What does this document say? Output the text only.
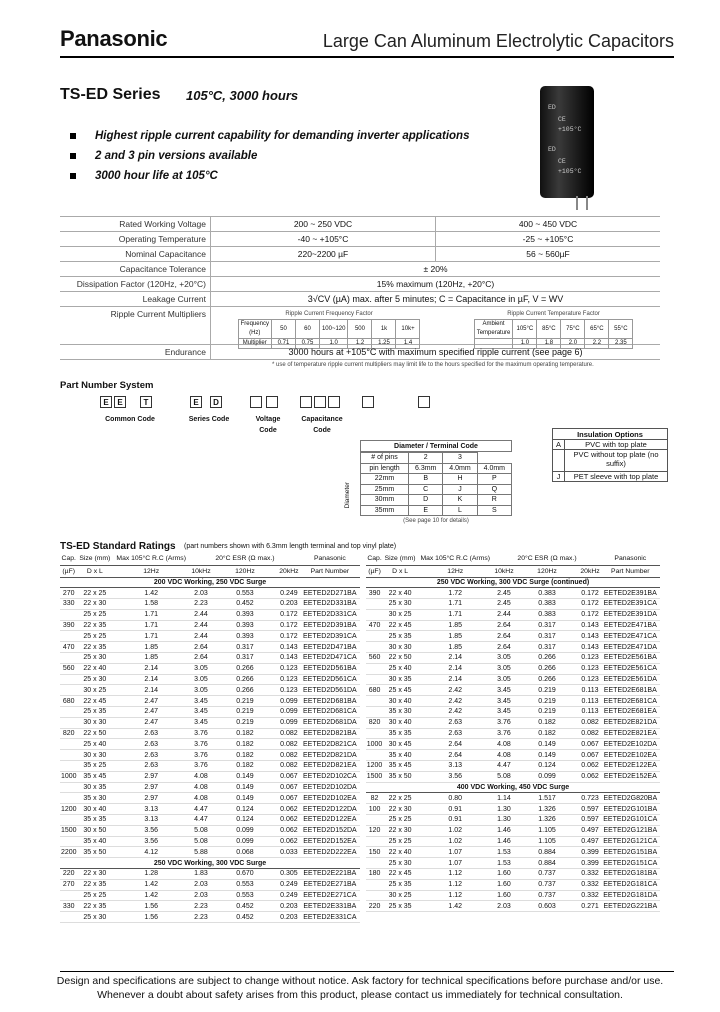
Panasonic	Large Can Aluminum Electrolytic Capacitors
TS-ED Series 105°C, 3000 hours
Highest ripple current capability for demanding inverter applications
2 and 3 pin versions available
3000 hour life at 105°C
ED
CE
+105°C
ED
CE
+105°C
Rated Working Voltage	200 ~ 250 VDC	400 ~ 450 VDC
Operating Temperature	-40 ~ +105°C	-25 ~ +105°C
Nominal Capacitance	220~2200 µF	56 ~ 560µF
Capacitance Tolerance	± 20%
Dissipation Factor (120Hz, +20°C)	15% maximum (120Hz, +20°C)
Leakage Current	3√CV (µA) max. after 5 minutes; C = Capacitance in µF, V = WV
Ripple Current Multipliers	Ripple Current Frequency Factor
Frequency (Hz)	50	60	100~120	500	1k	10k+
Multiplier	0.71	0.75	1.0	1.2	1.25	1.4
Ripple Current Temperature Factor
Ambient Temperature	105°C	85°C	75°C	65°C	55°C
	1.0	1.8	2.0	2.2	2.35
Endurance	3000 hours at +105°C with maximum specified ripple current (see page 6)
* use of temperature ripple current multipliers may limit life to the hours specified for the maximum operating temperature.
Part Number System
E	E	T	E	D
Common Code	Series Code	Voltage Code
Capacitance Code	Insulation Options
A	PVC with top plate
PVC without top plate (no suffix)
J	PET sleeve with top plate
Diameter / Terminal Code
# of pins	2	3	
pin length	6.3mm	4.0mm	4.0mm
22mm	B	H	P
25mm	C	J	Q
30mm	D	K	R
35mm	E	L	S
(See page 10 for details)
Diameter
TS-ED Standard Ratings (part numbers shown with 6.3mm length terminal and top vinyl plate)
Cap.	Size (mm)	Max 105°C R.C (Arms)		20°C ESR (Ω max.)		Panasonic
(µF)	D x L	12Hz	10kHz	120Hz	20kHz	Part Number
200 VDC Working, 250 VDC Surge						
270	22 x 25	1.42	2.03	0.553	0.249	EETED2D271BA
330	22 x 30	1.58	2.23	0.452	0.203	EETED2D331BA
	25 x 25	1.71	2.44	0.393	0.172	EETED2D331CA
390	22 x 35	1.71	2.44	0.393	0.172	EETED2D391BA
	25 x 25	1.71	2.44	0.393	0.172	EETED2D391CA
470	22 x 35	1.85	2.64	0.317	0.143	EETED2D471BA
	25 x 30	1.85	2.64	0.317	0.143	EETED2D471CA
560	22 x 40	2.14	3.05	0.266	0.123	EETED2D561BA
	25 x 30	2.14	3.05	0.266	0.123	EETED2D561CA
	30 x 25	2.14	3.05	0.266	0.123	EETED2D561DA
680	22 x 45	2.47	3.45	0.219	0.099	EETED2D681BA
	25 x 35	2.47	3.45	0.219	0.099	EETED2D681CA
	30 x 30	2.47	3.45	0.219	0.099	EETED2D681DA
820	22 x 50	2.63	3.76	0.182	0.082	EETED2D821BA
	25 x 40	2.63	3.76	0.182	0.082	EETED2D821CA
	30 x 30	2.63	3.76	0.182	0.082	EETED2D821DA
	35 x 25	2.63	3.76	0.182	0.082	EETED2D821EA
1000	35 x 45	2.97	4.08	0.149	0.067	EETED2D102CA
	30 x 35	2.97	4.08	0.149	0.067	EETED2D102DA
	35 x 30	2.97	4.08	0.149	0.067	EETED2D102EA
1200	30 x 40	3.13	4.47	0.124	0.062	EETED2D122DA
	35 x 35	3.13	4.47	0.124	0.062	EETED2D122EA
1500	30 x 50	3.56	5.08	0.099	0.062	EETED2D152DA
	35 x 40	3.56	5.08	0.099	0.062	EETED2D152EA
2200	35 x 50	4.12	5.88	0.068	0.033	EETED2D222EA
250 VDC Working, 300 VDC Surge						
220	22 x 30	1.28	1.83	0.670	0.305	EETED2E221BA
270	22 x 35	1.42	2.03	0.553	0.249	EETED2E271BA
	25 x 25	1.42	2.03	0.553	0.249	EETED2E271CA
330	22 x 35	1.56	2.23	0.452	0.203	EETED2E331BA
	25 x 30	1.56	2.23	0.452	0.203	EETED2E331CA
Cap.	Size (mm)	Max 105°C R.C (Arms)		20°C ESR (Ω max.)		Panasonic
(µF)	D x L	12Hz	10kHz	120Hz	20kHz	Part Number
250 VDC Working, 300 VDC Surge (continued)						
390	22 x 40	1.72	2.45	0.383	0.172	EETED2E391BA
	25 x 30	1.71	2.45	0.383	0.172	EETED2E391CA
	30 x 25	1.71	2.44	0.383	0.172	EETED2E391DA
470	22 x 45	1.85	2.64	0.317	0.143	EETED2E471BA
	25 x 35	1.85	2.64	0.317	0.143	EETED2E471CA
	30 x 30	1.85	2.64	0.317	0.143	EETED2E471DA
560	22 x 50	2.14	3.05	0.266	0.123	EETED2E561BA
	25 x 40	2.14	3.05	0.266	0.123	EETED2E561CA
	30 x 35	2.14	3.05	0.266	0.123	EETED2E561DA
680	25 x 45	2.42	3.45	0.219	0.113	EETED2E681BA
	30 x 40	2.42	3.45	0.219	0.113	EETED2E681CA
	35 x 30	2.42	3.45	0.219	0.113	EETED2E681EA
820	30 x 40	2.63	3.76	0.182	0.082	EETED2E821DA
	35 x 35	2.63	3.76	0.182	0.082	EETED2E821EA
1000	30 x 45	2.64	4.08	0.149	0.067	EETED2E102DA
	35 x 40	2.64	4.08	0.149	0.067	EETED2E102EA
1200	35 x 45	3.13	4.47	0.124	0.062	EETED2E122EA
1500	35 x 50	3.56	5.08	0.099	0.062	EETED2E152EA
400 VDC Working, 450 VDC Surge						
82	22 x 25	0.80	1.14	1.517	0.723	EETED2G820BA
100	22 x 30	0.91	1.30	1.326	0.597	EETED2G101BA
	25 x 25	0.91	1.30	1.326	0.597	EETED2G101CA
120	22 x 30	1.02	1.46	1.105	0.497	EETED2G121BA
	25 x 25	1.02	1.46	1.105	0.497	EETED2G121CA
150	22 x 40	1.07	1.53	0.884	0.399	EETED2G151BA
	25 x 30	1.07	1.53	0.884	0.399	EETED2G151CA
180	22 x 45	1.12	1.60	0.737	0.332	EETED2G181BA
	25 x 35	1.12	1.60	0.737	0.332	EETED2G181CA
	30 x 25	1.12	1.60	0.737	0.332	EETED2G181DA
220	25 x 35	1.42	2.03	0.603	0.271	EETED2G221BA
Design and specifications are subject to change without notice. Ask factory for technical specifications before purchase and/or use.
Whenever a doubt about safety arises from this product, please contact us immediately for technical consultation.
